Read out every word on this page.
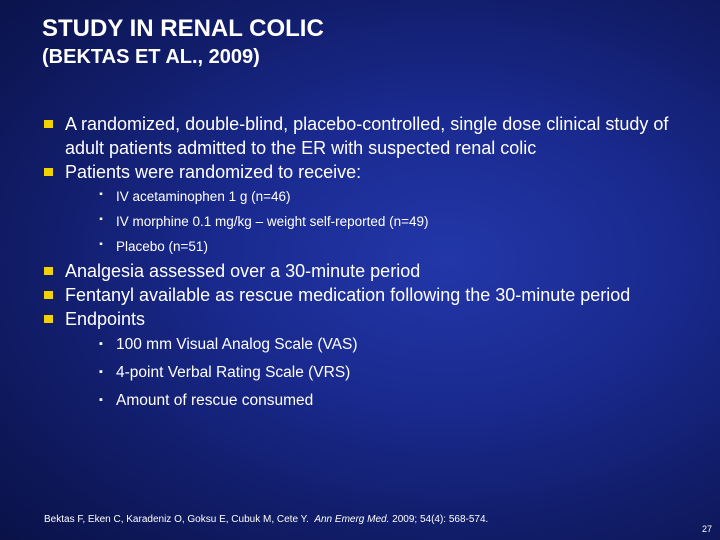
STUDY IN RENAL COLIC
(BEKTAS ET AL., 2009)
A randomized, double-blind, placebo-controlled, single dose clinical study of adult patients admitted to the ER with suspected renal colic
Patients were randomized to receive:
▪ IV acetaminophen 1 g (n=46)
▪ IV morphine 0.1 mg/kg – weight self-reported (n=49)
▪ Placebo (n=51)
Analgesia assessed over a 30-minute period
Fentanyl available as rescue medication following the 30-minute period
Endpoints
▪ 100 mm Visual Analog Scale (VAS)
▪ 4-point Verbal Rating Scale (VRS)
▪ Amount of rescue consumed
Bektas F, Eken C, Karadeniz O, Goksu E, Cubuk M, Cete Y. Ann Emerg Med. 2009; 54(4): 568-574.
27
